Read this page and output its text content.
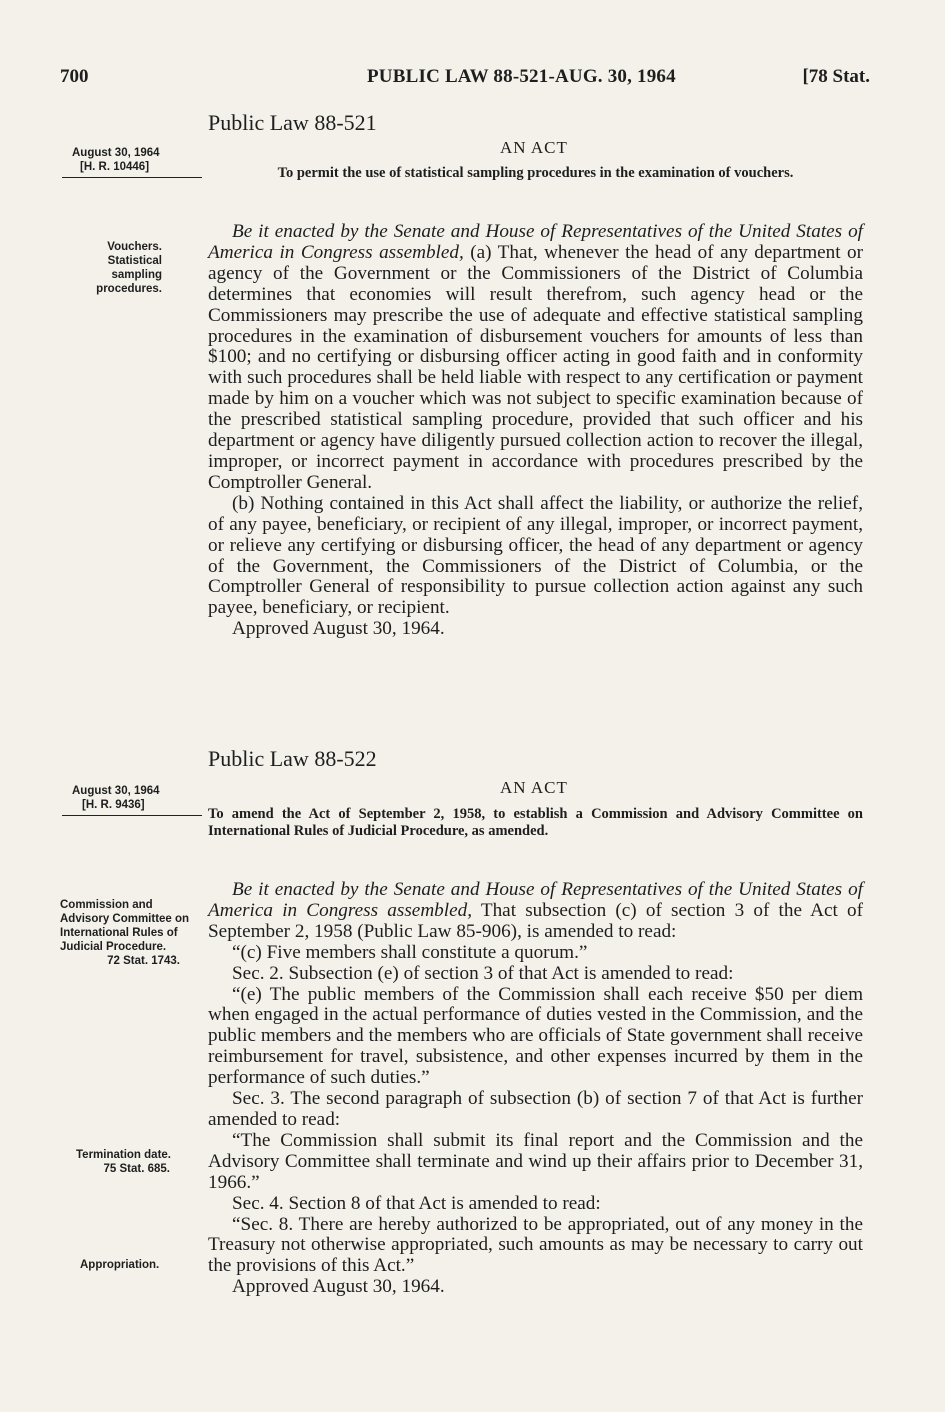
700	PUBLIC LAW 88-521-AUG. 30, 1964	[78 Stat.
Public Law 88-521
AN ACT
August 30, 1964
[H. R. 10446]	To permit the use of statistical sampling procedures in the examination of vouchers.
Vouchers. Statistical sampling procedures.

Be it enacted by the Senate and House of Representatives of the United States of America in Congress assembled, (a) That, whenever the head of any department or agency of the Government or the Commissioners of the District of Columbia determines that economies will result therefrom, such agency head or the Commissioners may prescribe the use of adequate and effective statistical sampling procedures in the examination of disbursement vouchers for amounts of less than $100; and no certifying or disbursing officer acting in good faith and in conformity with such procedures shall be held liable with respect to any certification or payment made by him on a voucher which was not subject to specific examination because of the prescribed statistical sampling procedure, provided that such officer and his department or agency have diligently pursued collection action to recover the illegal, improper, or incorrect payment in accordance with procedures prescribed by the Comptroller General.

(b) Nothing contained in this Act shall affect the liability, or authorize the relief, of any payee, beneficiary, or recipient of any illegal, improper, or incorrect payment, or relieve any certifying or disbursing officer, the head of any department or agency of the Government, the Commissioners of the District of Columbia, or the Comptroller General of responsibility to pursue collection action against any such payee, beneficiary, or recipient.

Approved August 30, 1964.

Public Law 88-522
AN ACT
August 30, 1964
[H. R. 9436]
To amend the Act of September 2, 1958, to establish a Commission and Advisory Committee on International Rules of Judicial Procedure, as amended.
Commission and Advisory Committee on International Rules of Judicial Procedure.
72 Stat. 1743.
Termination date.
75 Stat. 685.
Appropriation.

Be it enacted by the Senate and House of Representatives of the United States of America in Congress assembled, That subsection (c) of section 3 of the Act of September 2, 1958 (Public Law 85-906), is amended to read:

“(c) Five members shall constitute a quorum.”

Sec. 2. Subsection (e) of section 3 of that Act is amended to read:

“(e) The public members of the Commission shall each receive $50 per diem when engaged in the actual performance of duties vested in the Commission, and the public members and the members who are officials of State government shall receive reimbursement for travel, subsistence, and other expenses incurred by them in the performance of such duties.”

Sec. 3. The second paragraph of subsection (b) of section 7 of that Act is further amended to read:

“The Commission shall submit its final report and the Commission and the Advisory Committee shall terminate and wind up their affairs prior to December 31, 1966.”

Sec. 4. Section 8 of that Act is amended to read:

“Sec. 8. There are hereby authorized to be appropriated, out of any money in the Treasury not otherwise appropriated, such amounts as may be necessary to carry out the provisions of this Act.”

Approved August 30, 1964.
